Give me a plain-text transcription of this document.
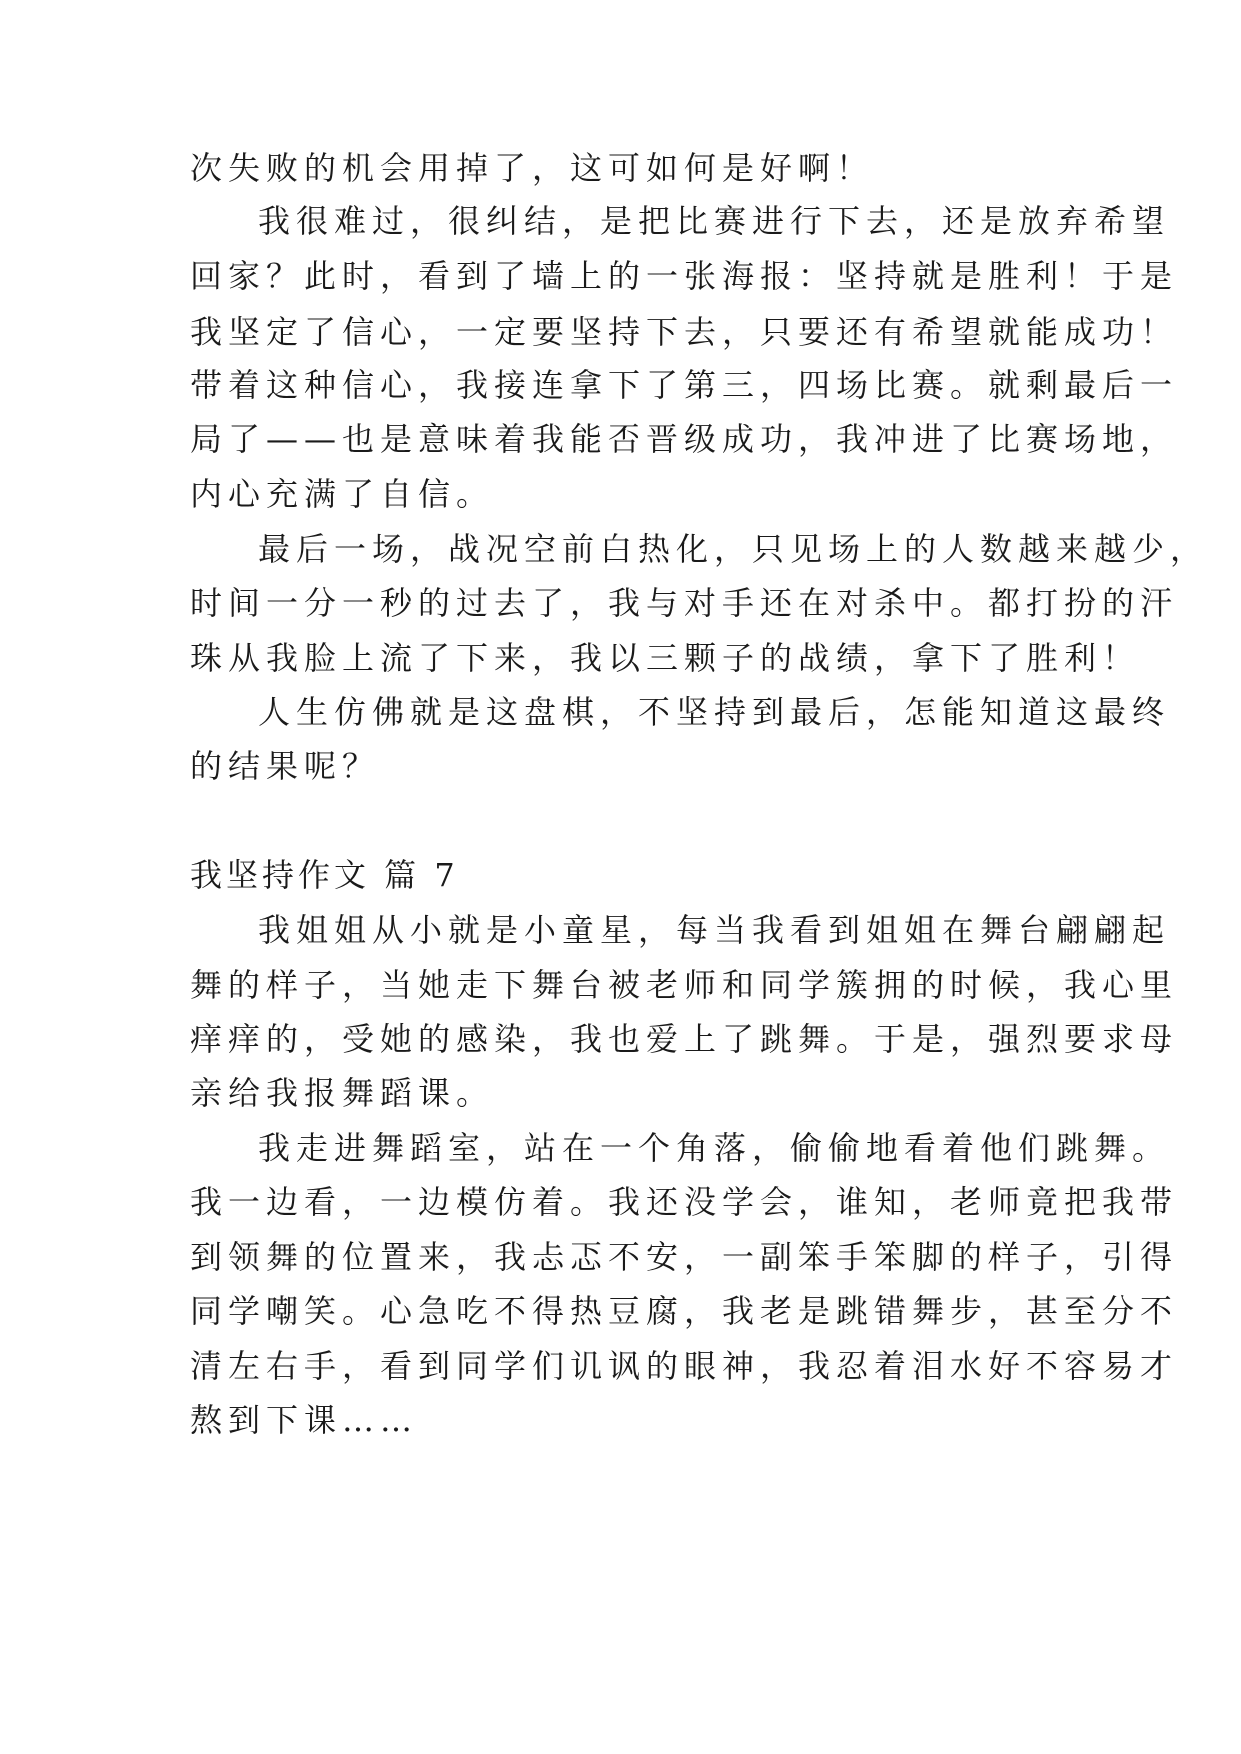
次失败的机会用掉了，这可如何是好啊！
我很难过，很纠结，是把比赛进行下去，还是放弃希望
回家？此时，看到了墙上的一张海报：坚持就是胜利！于是
我坚定了信心，一定要坚持下去，只要还有希望就能成功！
带着这种信心，我接连拿下了第三，四场比赛。就剩最后一
局了——也是意味着我能否晋级成功，我冲进了比赛场地，
内心充满了自信。
最后一场，战况空前白热化，只见场上的人数越来越少，
时间一分一秒的过去了，我与对手还在对杀中。都打扮的汗
珠从我脸上流了下来，我以三颗子的战绩，拿下了胜利！
人生仿佛就是这盘棋，不坚持到最后，怎能知道这最终
的结果呢？
我坚持作文 篇 7
我姐姐从小就是小童星，每当我看到姐姐在舞台翩翩起
舞的样子，当她走下舞台被老师和同学簇拥的时候，我心里
痒痒的，受她的感染，我也爱上了跳舞。于是，强烈要求母
亲给我报舞蹈课。
我走进舞蹈室，站在一个角落，偷偷地看着他们跳舞。
我一边看，一边模仿着。我还没学会，谁知，老师竟把我带
到领舞的位置来，我忐忑不安，一副笨手笨脚的样子，引得
同学嘲笑。心急吃不得热豆腐，我老是跳错舞步，甚至分不
清左右手，看到同学们讥讽的眼神，我忍着泪水好不容易才
熬到下课……
